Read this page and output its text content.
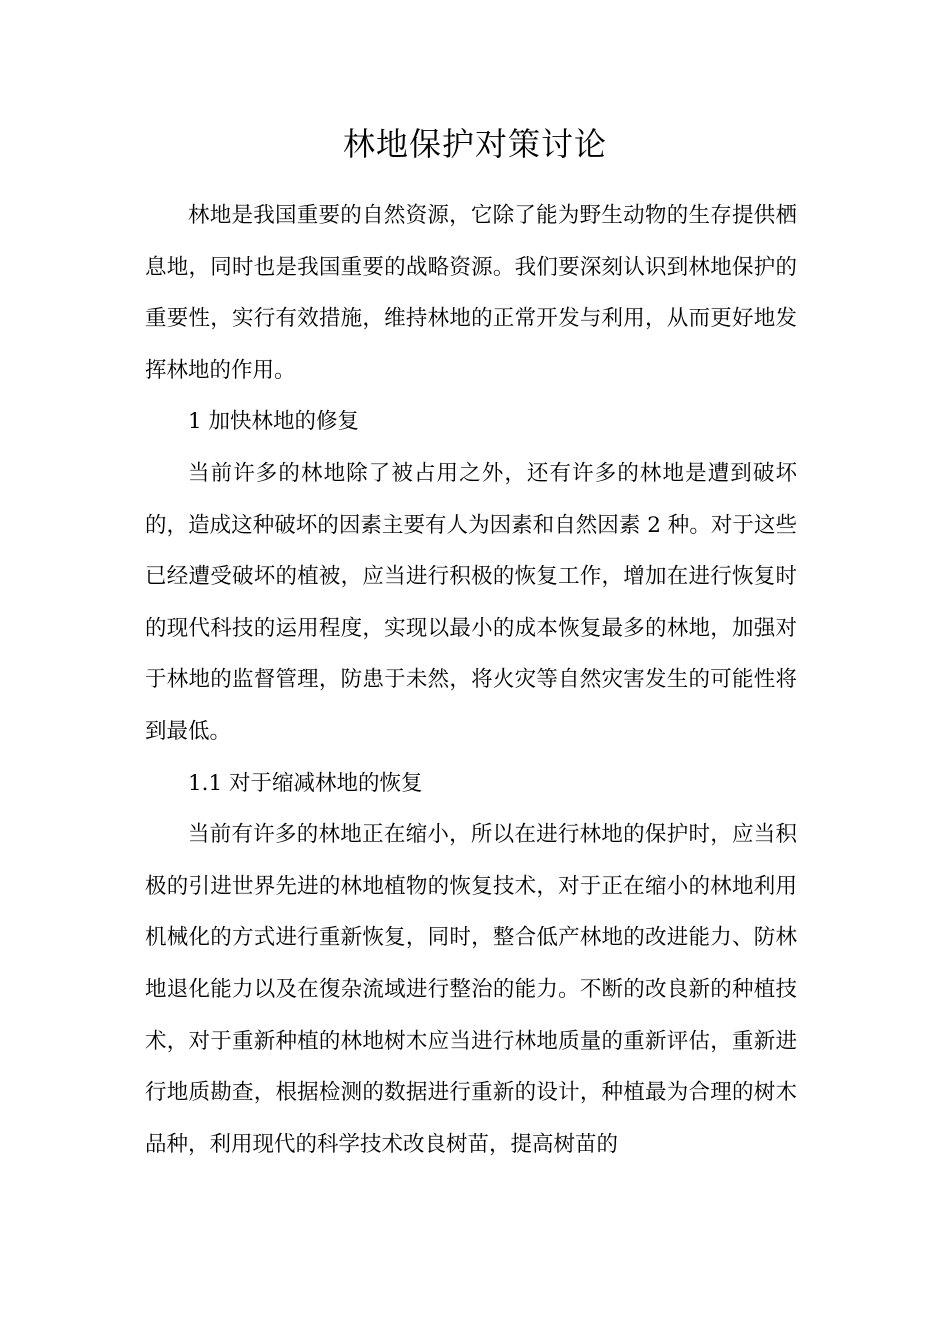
林地保护对策讨论

林地是我国重要的自然资源，它除了能为野生动物的生存提供栖息地，同时也是我国重要的战略资源。我们要深刻认识到林地保护的重要性，实行有效措施，维持林地的正常开发与利用，从而更好地发挥林地的作用。

1 加快林地的修复

当前许多的林地除了被占用之外，还有许多的林地是遭到破坏的，造成这种破坏的因素主要有人为因素和自然因素 2 种。对于这些已经遭受破坏的植被，应当进行积极的恢复工作，增加在进行恢复时的现代科技的运用程度，实现以最小的成本恢复最多的林地，加强对于林地的监督管理，防患于未然，将火灾等自然灾害发生的可能性将到最低。

1.1 对于缩减林地的恢复

当前有许多的林地正在缩小，所以在进行林地的保护时，应当积极的引进世界先进的林地植物的恢复技术，对于正在缩小的林地利用机械化的方式进行重新恢复，同时，整合低产林地的改进能力、防林地退化能力以及在復杂流域进行整治的能力。不断的改良新的种植技术，对于重新种植的林地树木应当进行林地质量的重新评估，重新进行地质勘查，根据检测的数据进行重新的设计，种植最为合理的树木品种，利用现代的科学技术改良树苗，提高树苗的
